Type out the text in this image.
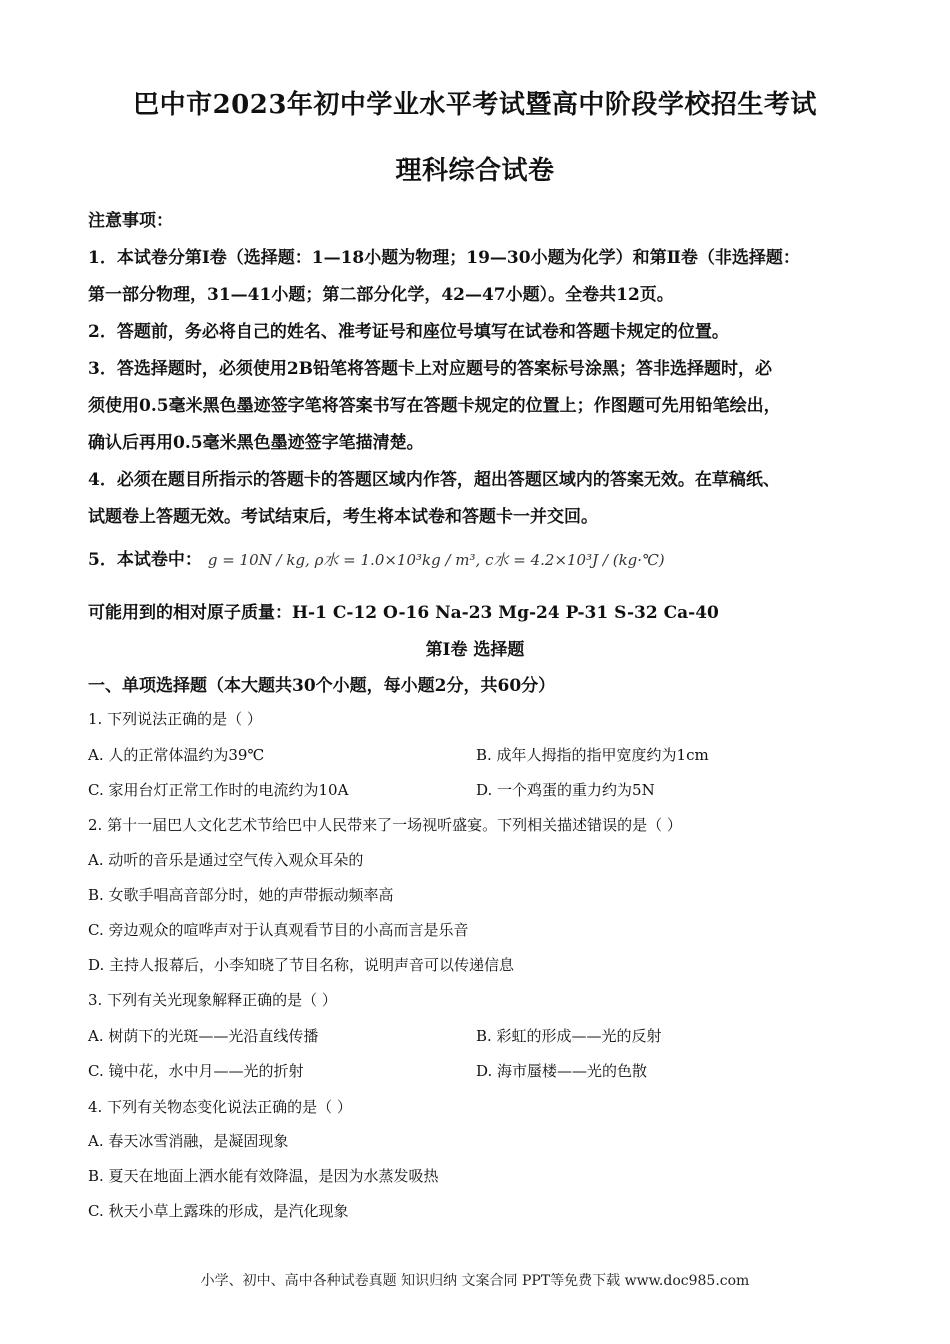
巴中市2023年初中学业水平考试暨高中阶段学校招生考试
理科综合试卷
注意事项：
1．本试卷分第Ⅰ卷（选择题：1—18小题为物理；19—30小题为化学）和第Ⅱ卷（非选择题：
第一部分物理，31—41小题；第二部分化学，42—47小题）。全卷共12页。
2．答题前，务必将自己的姓名、准考证号和座位号填写在试卷和答题卡规定的位置。
3．答选择题时，必须使用2B铅笔将答题卡上对应题号的答案标号涂黑；答非选择题时，必
须使用0.5毫米黑色墨迹签字笔将答案书写在答题卡规定的位置上；作图题可先用铅笔绘出，
确认后再用0.5毫米黑色墨迹签字笔描清楚。
4．必须在题目所指示的答题卡的答题区域内作答，超出答题区域内的答案无效。在草稿纸、
试题卷上答题无效。考试结束后，考生将本试卷和答题卡一并交回。
5．本试卷中： g = 10N / kg, ρ水 = 1.0×10³kg / m³, c水 = 4.2×10³J / (kg·℃)
可能用到的相对原子质量：H-1 C-12 O-16 Na-23 Mg-24 P-31 S-32 Ca-40
第Ⅰ卷 选择题
一、单项选择题（本大题共30个小题，每小题2分，共60分）
1. 下列说法正确的是（ ）
A. 人的正常体温约为39℃	B. 成年人拇指的指甲宽度约为1cm
C. 家用台灯正常工作时的电流约为10A	D. 一个鸡蛋的重力约为5N
2. 第十一届巴人文化艺术节给巴中人民带来了一场视听盛宴。下列相关描述错误的是（ ）
A. 动听的音乐是通过空气传入观众耳朵的
B. 女歌手唱高音部分时，她的声带振动频率高
C. 旁边观众的喧哗声对于认真观看节目的小高而言是乐音
D. 主持人报幕后，小李知晓了节目名称，说明声音可以传递信息
3. 下列有关光现象解释正确的是（ ）
A. 树荫下的光斑——光沿直线传播	B. 彩虹的形成——光的反射
C. 镜中花，水中月——光的折射	D. 海市蜃楼——光的色散
4. 下列有关物态变化说法正确的是（ ）
A. 春天冰雪消融，是凝固现象
B. 夏天在地面上洒水能有效降温，是因为水蒸发吸热
C. 秋天小草上露珠的形成，是汽化现象
小学、初中、高中各种试卷真题 知识归纳 文案合同 PPT等免费下载 www.doc985.com
